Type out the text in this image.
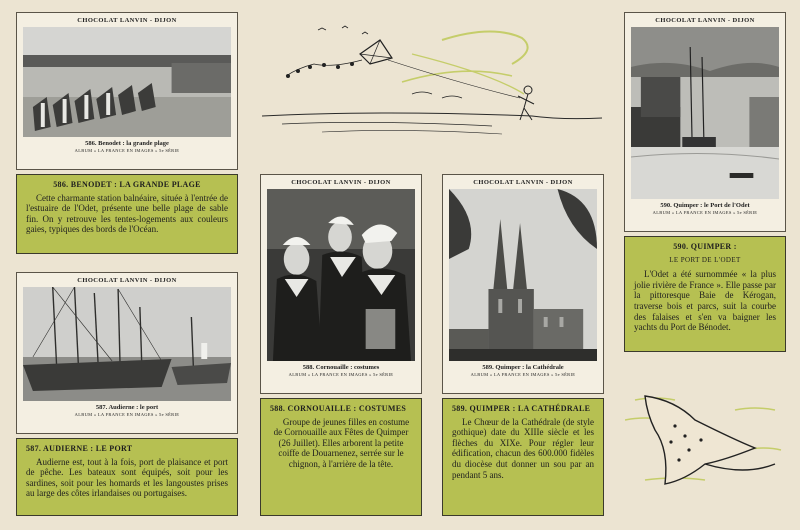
CHOCOLAT LANVIN - DIJON
586. Benodet : la grande plage
ALBUM « LA FRANCE EN IMAGES » 5e SÉRIE
586. BENODET : LA GRANDE PLAGE
Cette charmante station balnéaire, située à l'entrée de l'estuaire de l'Odet, présente une belle plage de sable fin. On y retrouve les tentes-logements aux couleurs gaies, typiques des bords de l'Océan.
CHOCOLAT LANVIN - DIJON
587. Audierne : le port
ALBUM « LA FRANCE EN IMAGES » 5e SÉRIE
587. AUDIERNE : LE PORT
Audierne est, tout à la fois, port de plaisance et port de pêche. Les bateaux sont équipés, soit pour les sardines, soit pour les homards et les langoustes prises au large des côtes irlandaises ou portugaises.
CHOCOLAT LANVIN - DIJON
588. Cornouaille : costumes
ALBUM « LA FRANCE EN IMAGES » 5e SÉRIE
588. CORNOUAILLE : COSTUMES
Groupe de jeunes filles en costume de Cornouaille aux Fêtes de Quimper (26 Juillet). Elles arborent la petite coiffe de Douarnenez, serrée sur le chignon, à l'arrière de la tête.
CHOCOLAT LANVIN - DIJON
589. Quimper : la Cathédrale
ALBUM « LA FRANCE EN IMAGES » 5e SÉRIE
589. QUIMPER : LA CATHÉDRALE
Le Chœur de la Cathédrale (de style gothique) date du XIIIe siècle et les flèches du XIXe. Pour régler leur édification, chacun des 600.000 fidèles du diocèse dut donner un sou par an pendant 5 ans.
CHOCOLAT LANVIN - DIJON
590. Quimper : le Port de l'Odet
ALBUM « LA FRANCE EN IMAGES » 5e SÉRIE
590. QUIMPER :
LE PORT DE L'ODET
L'Odet a été surnommée « la plus jolie rivière de France ». Elle passe par la pittoresque Baie de Kérogan, traverse bois et parcs, suit la courbe des falaises et s'en va baigner les yachts du Port de Bénodet.
